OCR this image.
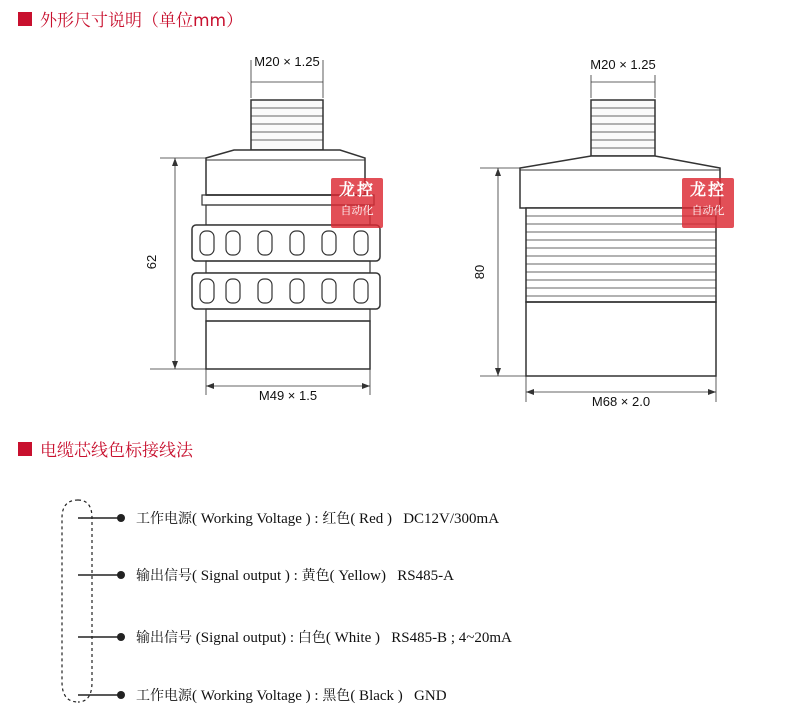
外形尺寸说明（单位mm）
M20 × 1.25
62
M49 × 1.5
M20 × 1.25
80
M68 × 2.0
龙控
自动化
龙控
自动化
电缆芯线色标接线法
工作电源( Working Voltage ) : 红色( Red ) DC12V/300mA
输出信号( Signal output ) : 黄色( Yellow) RS485-A
输出信号 (Signal output) : 白色( White ) RS485-B ; 4~20mA
工作电源( Working Voltage ) : 黑色( Black ) GND
